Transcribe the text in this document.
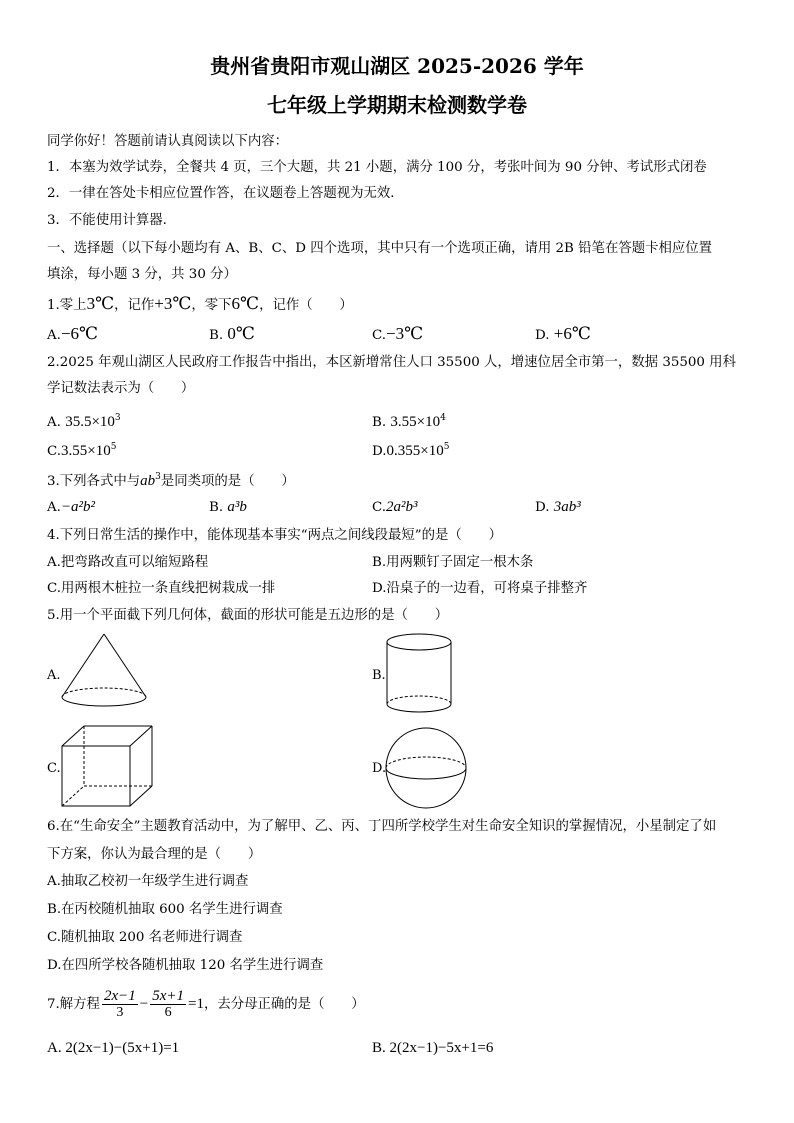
贵州省贵阳市观山湖区 2025-2026 学年
七年级上学期期末检测数学卷
同学你好！答题前请认真阅读以下内容：
1．本塞为效学试券，全餐共 4 页，三个大题，共 21 小题，满分 100 分，考张叶间为 90 分钟、考试形式闭卷
2．一律在答处卡相应位置作答，在议题卷上答题视为无效．
3．不能使用计算器．
一、选择题（以下每小题均有 A、B、C、D 四个选项，其中只有一个选项正确，请用 2B 铅笔在答题卡相应位置
填涂，每小题 3 分，共 30 分）
1.零上3℃，记作+3℃，零下6℃，记作（　　）
A.−6℃	B. 0℃	C.−3℃	D. +6℃
2.2025 年观山湖区人民政府工作报告中指出，本区新增常住人口 35500 人，增速位居全市第一，数据 35500 用科
学记数法表示为（　　）
A. $35.5\times 10^3$	B. $3.55\times 10^4$
$C.3.55\times 10^5$	$D.0.355\times 10^5$
3.下列各式中与$ab^3$是同类项的是（　　）
A.−a²b²	B. a³b	C.2a²b³	D. 3ab³
4.下列日常生活的操作中，能体现基本事实“两点之间线段最短”的是（　　）
A.把弯路改直可以缩短路程	B.用两颗钉子固定一根木条
C.用两根木桩拉一条直线把树栽成一排	D.沿桌子的一边看，可将桌子排整齐
5.用一个平面截下列几何体，截面的形状可能是五边形的是（　　）
A.	B.
C.	D.
6.在“生命安全”主题教育活动中，为了解甲、乙、丙、丁四所学校学生对生命安全知识的掌握情况，小星制定了如
下方案，你认为最合理的是（　　）
A.抽取乙校初一年级学生进行调查
B.在丙校随机抽取 600 名学生进行调查
C.随机抽取 200 名老师进行调查
D.在四所学校各随机抽取 120 名学生进行调查
7.解方程 $\frac{2x-1}{3} - \frac{5x+1}{6} =1$，去分母正确的是（　　）
A. 2(2x−1)−(5x+1)=1	B. 2(2x−1)−5x+1=6
